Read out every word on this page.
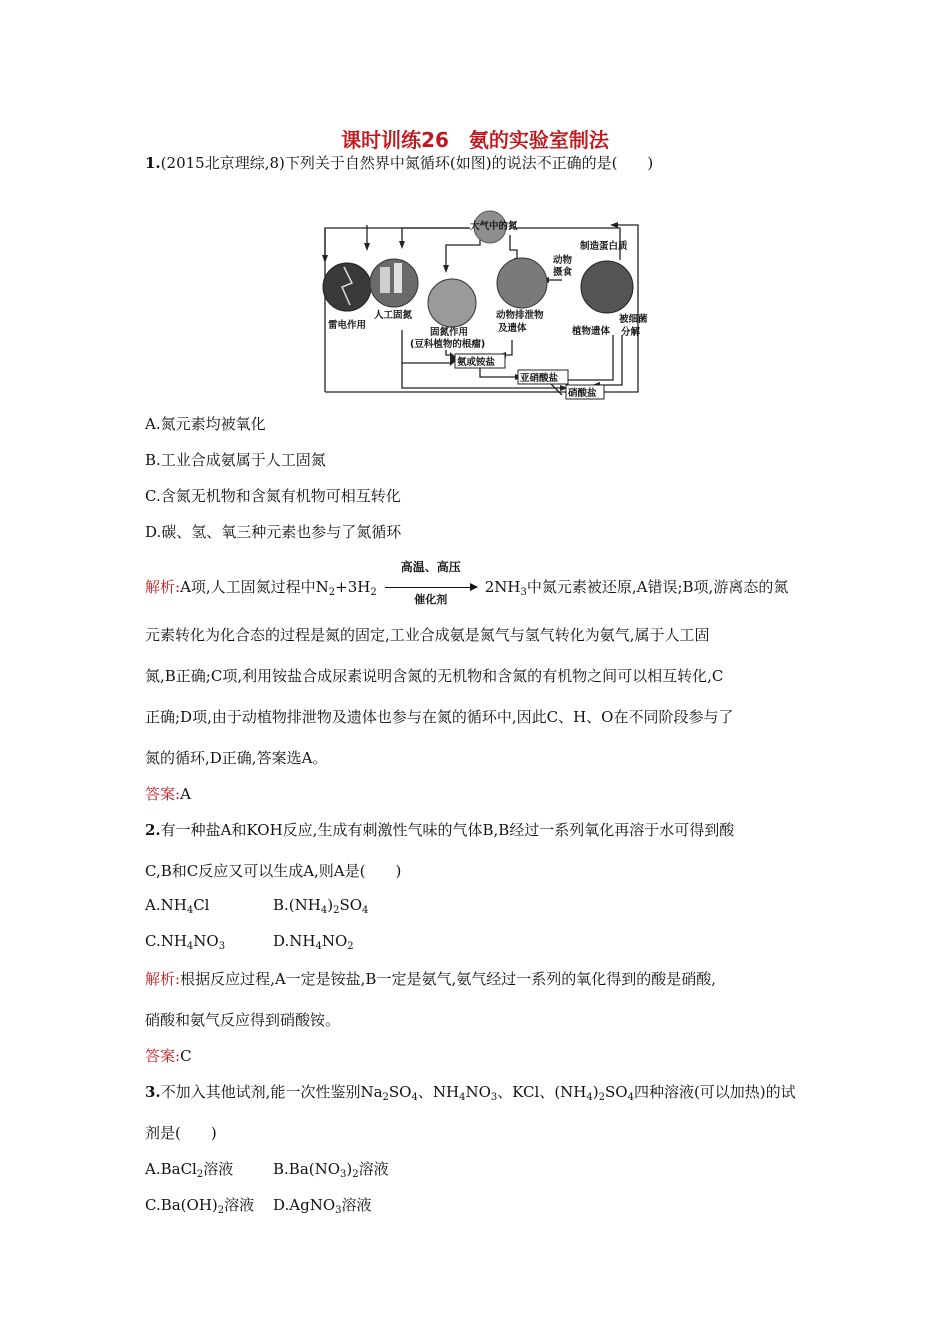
课时训练26　氨的实验室制法
1.(2015北京理综,8)下列关于自然界中氮循环(如图)的说法不正确的是(　　)
大气中的氮
雷电作用
人工固氮
固氮作用
(豆科植物的根瘤)
动物排泄物
及遗体
动物
摄食
制造蛋白质
植物遗体
被细菌
分解
氨或铵盐
亚硝酸盐
硝酸盐
A.氮元素均被氧化
B.工业合成氨属于人工固氮
C.含氮无机物和含氮有机物可相互转化
D.碳、氢、氧三种元素也参与了氮循环
解析:A项,人工固氮过程中$N_2+3H_2$
高温、高压
催化剂
$2NH_3$中氮元素被还原,A错误;B项,游离态的氮
元素转化为化合态的过程是氮的固定,工业合成氨是氮气与氢气转化为氨气,属于人工固
氮,B正确;C项,利用铵盐合成尿素说明含氮的无机物和含氮的有机物之间可以相互转化,C
正确;D项,由于动植物排泄物及遗体也参与在氮的循环中,因此C、H、O在不同阶段参与了
氮的循环,D正确,答案选A。
答案:A
2.有一种盐A和KOH反应,生成有刺激性气味的气体B,B经过一系列氧化再溶于水可得到酸
C,B和C反应又可以生成A,则A是(　　)
$A.NH_4Cl$	$B.(NH_4)_2SO_4$
$C.NH_4NO_3$	$D.NH_4NO_2$
解析:根据反应过程,A一定是铵盐,B一定是氨气,氨气经过一系列的氧化得到的酸是硝酸,
硝酸和氨气反应得到硝酸铵。
答案:C
3.不加入其他试剂,能一次性鉴别$Na_2SO_4$、$NH_4NO_3$、KCl、$(NH_4)_2SO_4$四种溶液(可以加热)的试
剂是(　　)
A.BaCl$_2$溶液	$B.Ba(NO_3)_2$溶液
$C.Ba(OH)_2$溶液 D.AgNO$_3$溶液
